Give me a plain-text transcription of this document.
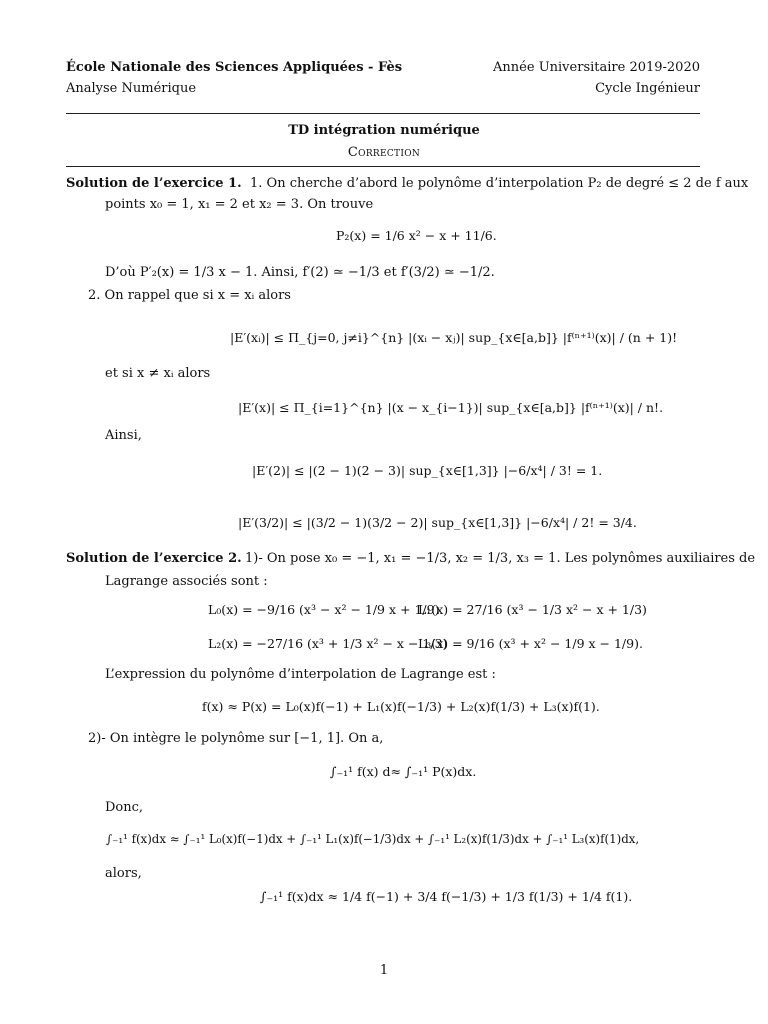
École Nationale des Sciences Appliquées - Fès	Année Universitaire 2019-2020
Analyse Numérique	Cycle Ingénieur
TD intégration numérique
Correction
Solution de l’exercice 1. 1. On cherche d’abord le polynôme d’interpolation P₂ de degré ≤ 2 de f aux
points x₀ = 1, x₁ = 2 et x₂ = 3. On trouve
P₂(x) = 1/6 x² − x + 11/6.
D’où P′₂(x) = 1/3 x − 1. Ainsi, f′(2) ≃ −1/3 et f′(3/2) ≃ −1/2.
2. On rappel que si x = xᵢ alors
|E′(xᵢ)| ≤ Π_{j=0, j≠i}^{n} |(xᵢ − xⱼ)| sup_{x∈[a,b]} |f⁽ⁿ⁺¹⁾(x)| / (n + 1)!
et si x ≠ xᵢ alors
|E′(x)| ≤ Π_{i=1}^{n} |(x − x_{i−1})| sup_{x∈[a,b]} |f⁽ⁿ⁺¹⁾(x)| / n!.
Ainsi,
|E′(2)| ≤ |(2 − 1)(2 − 3)| sup_{x∈[1,3]} |−6/x⁴| / 3! = 1.
|E′(3/2)| ≤ |(3/2 − 1)(3/2 − 2)| sup_{x∈[1,3]} |−6/x⁴| / 2! = 3/4.
Solution de l’exercice 2. 1)- On pose x₀ = −1, x₁ = −1/3, x₂ = 1/3, x₃ = 1. Les polynômes auxiliaires de
Lagrange associés sont :
L₀(x) = −9/16 (x³ − x² − 1/9 x + 1/9)
L₁(x) = 27/16 (x³ − 1/3 x² − x + 1/3)
L₂(x) = −27/16 (x³ + 1/3 x² − x − 1/3)
L₃(x) = 9/16 (x³ + x² − 1/9 x − 1/9).
L’expression du polynôme d’interpolation de Lagrange est :
f(x) ≈ P(x) = L₀(x)f(−1) + L₁(x)f(−1/3) + L₂(x)f(1/3) + L₃(x)f(1).
2)- On intègre le polynôme sur [−1, 1]. On a,
∫₋₁¹ f(x) d≈ ∫₋₁¹ P(x)dx.
Donc,
∫₋₁¹ f(x)dx ≈ ∫₋₁¹ L₀(x)f(−1)dx + ∫₋₁¹ L₁(x)f(−1/3)dx + ∫₋₁¹ L₂(x)f(1/3)dx + ∫₋₁¹ L₃(x)f(1)dx,
alors,
∫₋₁¹ f(x)dx ≈ 1/4 f(−1) + 3/4 f(−1/3) + 1/3 f(1/3) + 1/4 f(1).
1
